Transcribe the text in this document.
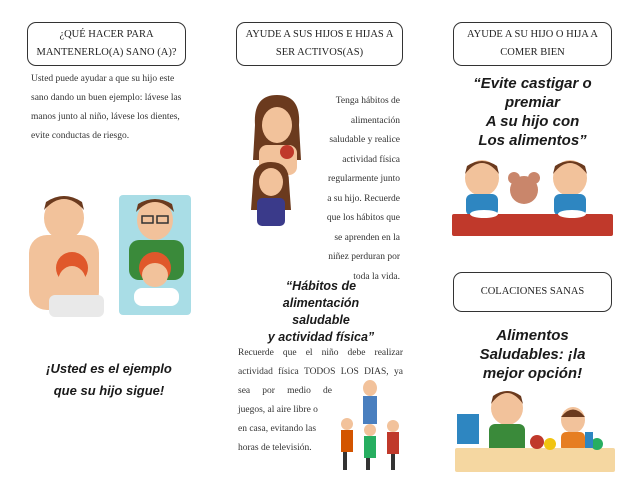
¿QUÉ HACER PARA
MANTENERLO(A) SANO (A)?
Usted puede ayudar a que su hijo este
sano dando un buen ejemplo: lávese las
manos junto al niño, lávese los dientes,
evite conductas de riesgo.
¡Usted es el ejemplo
que su hijo sigue!
AYUDE A SUS HIJOS E HIJAS A
SER ACTIVOS(AS)
Tenga hábitos de
alimentación
saludable y realice
actividad física
regularmente junto
a su hijo. Recuerde
que los hábitos que
se aprenden en la
niñez perduran por
toda la vida.
“Hábitos de
alimentación
saludable
y actividad física”
Recuerde que el niño debe realizar
actividad física TODOS LOS DIAS, ya
sea por medio de
juegos, al aire libre o
en casa, evitando las
horas de televisión.
AYUDE A SU HIJO O HIJA A
COMER BIEN
“Evite castigar o
premiar
A su hijo con
Los alimentos”
COLACIONES SANAS
Alimentos
Saludables: ¡la
mejor opción!
